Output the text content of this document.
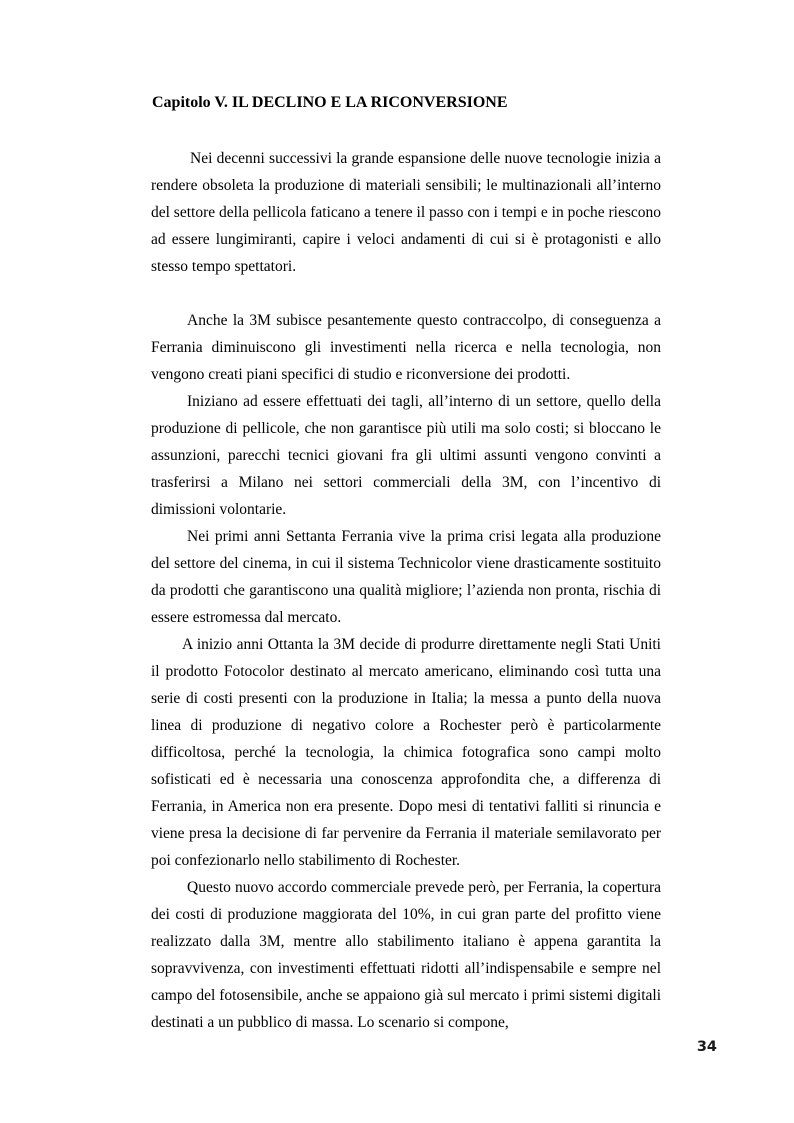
Capitolo V. IL DECLINO E LA RICONVERSIONE

Nei decenni successivi la grande espansione delle nuove tecnologie inizia a rendere obsoleta la produzione di materiali sensibili; le multinazionali all’interno del settore della pellicola faticano a tenere il passo con i tempi e in poche riescono ad essere lungimiranti, capire i veloci andamenti di cui si è protagonisti e allo stesso tempo spettatori.

Anche la 3M subisce pesantemente questo contraccolpo, di conseguenza a Ferrania diminuiscono gli investimenti nella ricerca e nella tecnologia, non vengono creati piani specifici di studio e riconversione dei prodotti.

Iniziano ad essere effettuati dei tagli, all’interno di un settore, quello della produzione di pellicole, che non garantisce più utili ma solo costi; si bloccano le assunzioni, parecchi tecnici giovani fra gli ultimi assunti vengono convinti a trasferirsi a Milano nei settori commerciali della 3M, con l’incentivo di dimissioni volontarie.

Nei primi anni Settanta Ferrania vive la prima crisi legata alla produzione del settore del cinema, in cui il sistema Technicolor viene drasticamente sostituito da prodotti che garantiscono una qualità migliore; l’azienda non pronta, rischia di essere estromessa dal mercato.

A inizio anni Ottanta la 3M decide di produrre direttamente negli Stati Uniti il prodotto Fotocolor destinato al mercato americano, eliminando così tutta una serie di costi presenti con la produzione in Italia; la messa a punto della nuova linea di produzione di negativo colore a Rochester però è particolarmente difficoltosa, perché la tecnologia, la chimica fotografica sono campi molto sofisticati ed è necessaria una conoscenza approfondita che, a differenza di Ferrania, in America non era presente. Dopo mesi di tentativi falliti si rinuncia e viene presa la decisione di far pervenire da Ferrania il materiale semilavorato per poi confezionarlo nello stabilimento di Rochester.

Questo nuovo accordo commerciale prevede però, per Ferrania, la copertura dei costi di produzione maggiorata del 10%, in cui gran parte del profitto viene realizzato dalla 3M, mentre allo stabilimento italiano è appena garantita la sopravvivenza, con investimenti effettuati ridotti all’indispensabile e sempre nel campo del fotosensibile, anche se appaiono già sul mercato i primi sistemi digitali destinati a un pubblico di massa. Lo scenario si compone,

34
